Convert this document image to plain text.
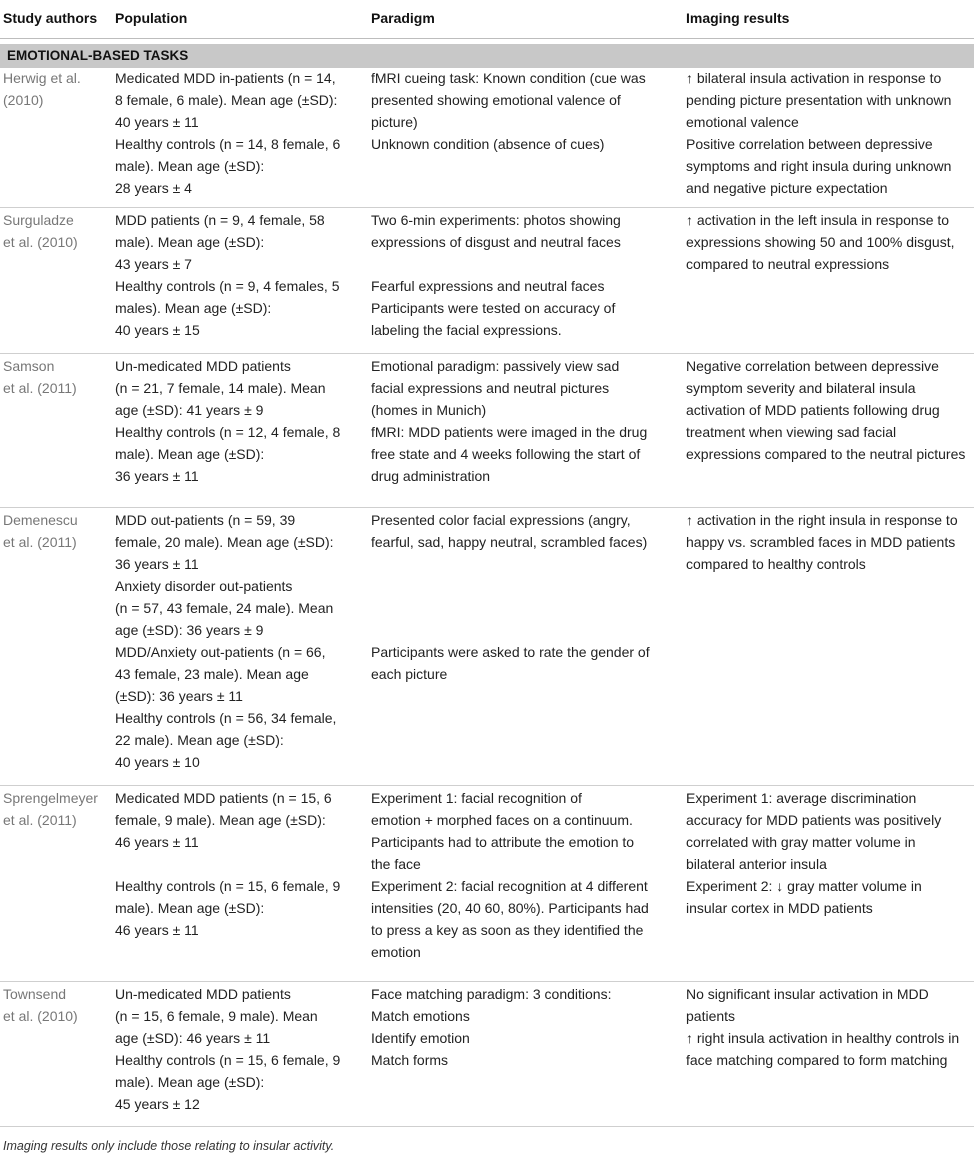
Study authors Population	Paradigm	Imaging results
EMOTIONAL-BASED TASKS
Herwig et al.
(2010)
Medicated MDD in-patients (n = 14,
8 female, 6 male). Mean age (±SD):
40 years ± 11
Healthy controls (n = 14, 8 female, 6
male). Mean age (±SD):
28 years ± 4
fMRI cueing task: Known condition (cue was
presented showing emotional valence of
picture)
Unknown condition (absence of cues)
↑ bilateral insula activation in response to
pending picture presentation with unknown
emotional valence
Positive correlation between depressive
symptoms and right insula during unknown
and negative picture expectation
Surguladze
et al. (2010)
MDD patients (n = 9, 4 female, 58
male). Mean age (±SD):
43 years ± 7
Healthy controls (n = 9, 4 females, 5
males). Mean age (±SD):
40 years ± 15
Two 6-min experiments: photos showing
expressions of disgust and neutral faces

Fearful expressions and neutral faces
Participants were tested on accuracy of
labeling the facial expressions.
↑ activation in the left insula in response to
expressions showing 50 and 100% disgust,
compared to neutral expressions
Samson
et al. (2011)
Un-medicated MDD patients
(n = 21, 7 female, 14 male). Mean
age (±SD): 41 years ± 9
Healthy controls (n = 12, 4 female, 8
male). Mean age (±SD):
36 years ± 11
Emotional paradigm: passively view sad
facial expressions and neutral pictures
(homes in Munich)
fMRI: MDD patients were imaged in the drug
free state and 4 weeks following the start of
drug administration
Negative correlation between depressive
symptom severity and bilateral insula
activation of MDD patients following drug
treatment when viewing sad facial
expressions compared to the neutral pictures
Demenescu
et al. (2011)
MDD out-patients (n = 59, 39
female, 20 male). Mean age (±SD):
36 years ± 11
Anxiety disorder out-patients
(n = 57, 43 female, 24 male). Mean
age (±SD): 36 years ± 9
MDD/Anxiety out-patients (n = 66,
43 female, 23 male). Mean age
(±SD): 36 years ± 11
Healthy controls (n = 56, 34 female,
22 male). Mean age (±SD):
40 years ± 10
Presented color facial expressions (angry,
fearful, sad, happy neutral, scrambled faces)

Participants were asked to rate the gender of
each picture
↑ activation in the right insula in response to
happy vs. scrambled faces in MDD patients
compared to healthy controls
Sprengelmeyer
et al. (2011)
Medicated MDD patients (n = 15, 6
female, 9 male). Mean age (±SD):
46 years ± 11

Healthy controls (n = 15, 6 female, 9
male). Mean age (±SD):
46 years ± 11
Experiment 1: facial recognition of
emotion + morphed faces on a continuum.
Participants had to attribute the emotion to
the face
Experiment 2: facial recognition at 4 different
intensities (20, 40 60, 80%). Participants had
to press a key as soon as they identified the
emotion
Experiment 1: average discrimination
accuracy for MDD patients was positively
correlated with gray matter volume in
bilateral anterior insula
Experiment 2: ↓ gray matter volume in
insular cortex in MDD patients
Townsend
et al. (2010)
Un-medicated MDD patients
(n = 15, 6 female, 9 male). Mean
age (±SD): 46 years ± 11
Healthy controls (n = 15, 6 female, 9
male). Mean age (±SD):
45 years ± 12
Face matching paradigm: 3 conditions:
Match emotions
Identify emotion
Match forms
No significant insular activation in MDD
patients
↑ right insula activation in healthy controls in
face matching compared to form matching
Imaging results only include those relating to insular activity.
